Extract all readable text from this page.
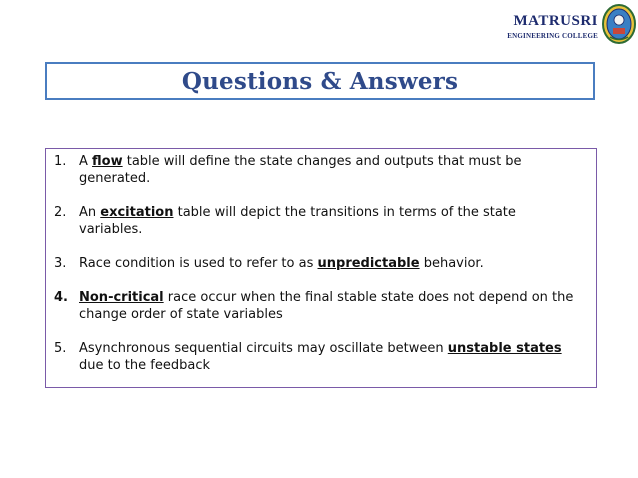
MATRUSRI
ENGINEERING COLLEGE
Questions & Answers
1. A flow table will define the state changes and outputs that must be generated.
2. An excitation table will depict the transitions in terms of the state variables.
3. Race condition is used to refer to as unpredictable behavior.
4. Non-critical race occur when the final stable state does not depend on the change order of state variables
5. Asynchronous sequential circuits may oscillate between unstable states due to the feedback
